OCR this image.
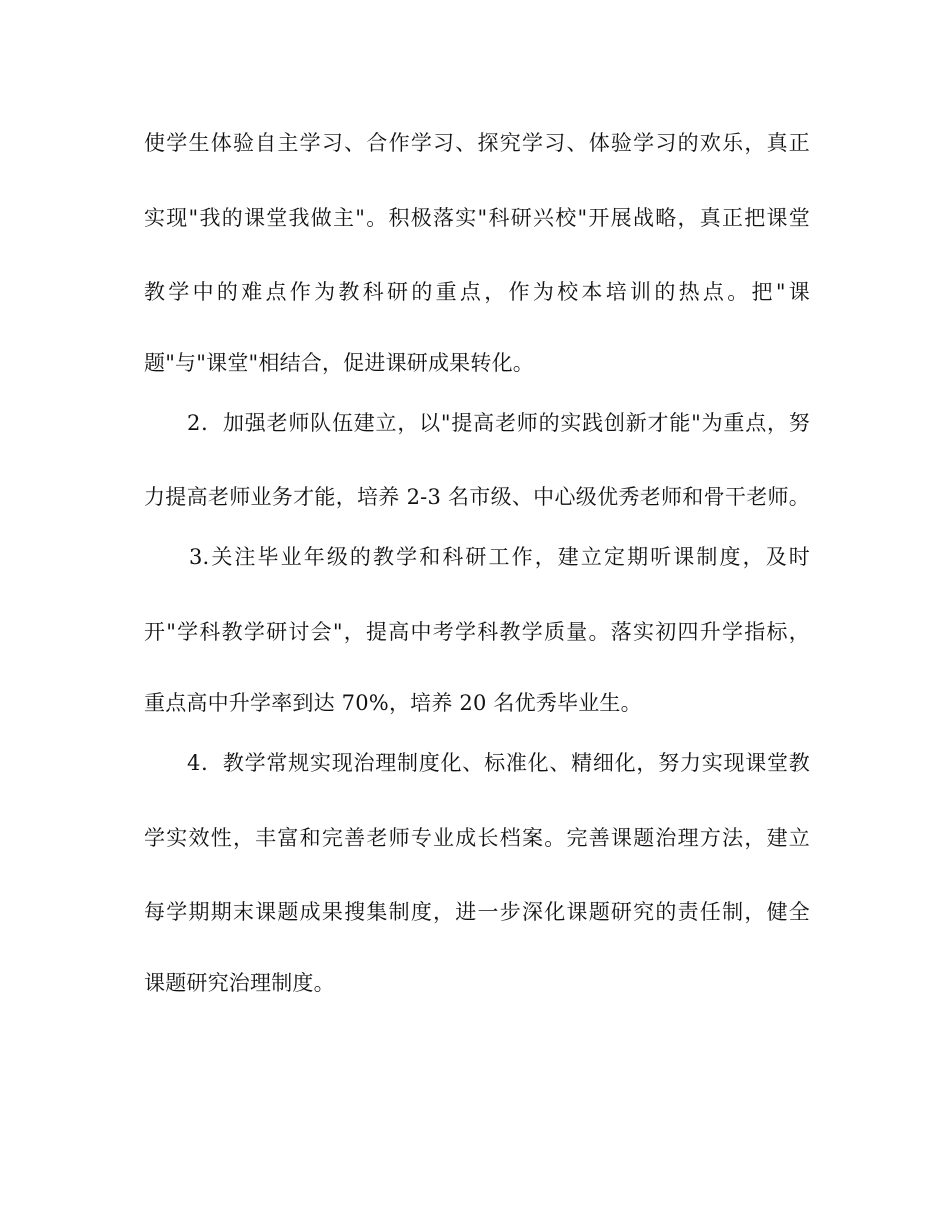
使学生体验自主学习、合作学习、探究学习、体验学习的欢乐，真正
实现"我的课堂我做主"。积极落实"科研兴校"开展战略，真正把课堂
教学中的难点作为教科研的重点，作为校本培训的热点。把"课
题"与"课堂"相结合，促进课研成果转化。
2．加强老师队伍建立，以"提高老师的实践创新才能"为重点，努
力提高老师业务才能，培养 2-3 名市级、中心级优秀老师和骨干老师。
3.关注毕业年级的教学和科研工作，建立定期听课制度，及时
开"学科教学研讨会"，提高中考学科教学质量。落实初四升学指标，
重点高中升学率到达 70%，培养 20 名优秀毕业生。
4．教学常规实现治理制度化、标准化、精细化，努力实现课堂教
学实效性，丰富和完善老师专业成长档案。完善课题治理方法，建立
每学期期末课题成果搜集制度，进一步深化课题研究的责任制，健全
课题研究治理制度。
